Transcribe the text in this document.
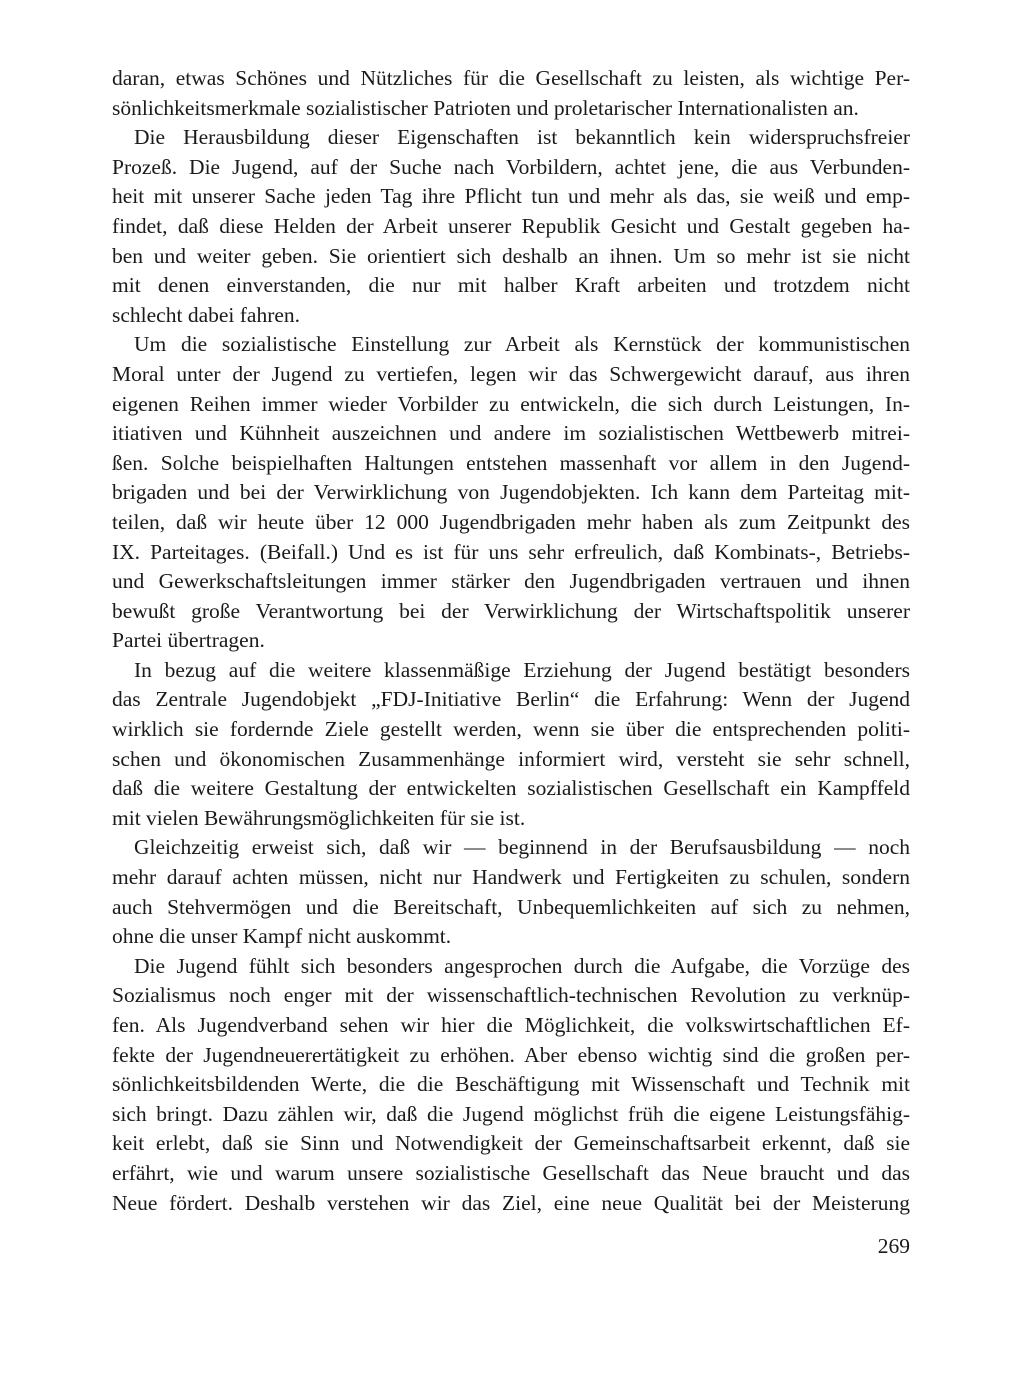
daran, etwas Schönes und Nützliches für die Gesellschaft zu leisten, als wichtige Per-
sönlichkeitsmerkmale sozialistischer Patrioten und proletarischer Internationalisten an.

Die Herausbildung dieser Eigenschaften ist bekanntlich kein widerspruchsfreier
Prozeß. Die Jugend, auf der Suche nach Vorbildern, achtet jene, die aus Verbunden-
heit mit unserer Sache jeden Tag ihre Pflicht tun und mehr als das, sie weiß und emp-
findet, daß diese Helden der Arbeit unserer Republik Gesicht und Gestalt gegeben ha-
ben und weiter geben. Sie orientiert sich deshalb an ihnen. Um so mehr ist sie nicht
mit denen einverstanden, die nur mit halber Kraft arbeiten und trotzdem nicht
schlecht dabei fahren.

Um die sozialistische Einstellung zur Arbeit als Kernstück der kommunistischen
Moral unter der Jugend zu vertiefen, legen wir das Schwergewicht darauf, aus ihren
eigenen Reihen immer wieder Vorbilder zu entwickeln, die sich durch Leistungen, In-
itiativen und Kühnheit auszeichnen und andere im sozialistischen Wettbewerb mitrei-
ßen. Solche beispielhaften Haltungen entstehen massenhaft vor allem in den Jugend-
brigaden und bei der Verwirklichung von Jugendobjekten. Ich kann dem Parteitag mit-
teilen, daß wir heute über 12 000 Jugendbrigaden mehr haben als zum Zeitpunkt des
IX. Parteitages. (Beifall.) Und es ist für uns sehr erfreulich, daß Kombinats-, Betriebs-
und Gewerkschaftsleitungen immer stärker den Jugendbrigaden vertrauen und ihnen
bewußt große Verantwortung bei der Verwirklichung der Wirtschaftspolitik unserer
Partei übertragen.

In bezug auf die weitere klassenmäßige Erziehung der Jugend bestätigt besonders
das Zentrale Jugendobjekt „FDJ-Initiative Berlin“ die Erfahrung: Wenn der Jugend
wirklich sie fordernde Ziele gestellt werden, wenn sie über die entsprechenden politi-
schen und ökonomischen Zusammenhänge informiert wird, versteht sie sehr schnell,
daß die weitere Gestaltung der entwickelten sozialistischen Gesellschaft ein Kampffeld
mit vielen Bewährungsmöglichkeiten für sie ist.

Gleichzeitig erweist sich, daß wir — beginnend in der Berufsausbildung — noch
mehr darauf achten müssen, nicht nur Handwerk und Fertigkeiten zu schulen, sondern
auch Stehvermögen und die Bereitschaft, Unbequemlichkeiten auf sich zu nehmen,
ohne die unser Kampf nicht auskommt.

Die Jugend fühlt sich besonders angesprochen durch die Aufgabe, die Vorzüge des
Sozialismus noch enger mit der wissenschaftlich-technischen Revolution zu verknüp-
fen. Als Jugendverband sehen wir hier die Möglichkeit, die volkswirtschaftlichen Ef-
fekte der Jugendneuerertätigkeit zu erhöhen. Aber ebenso wichtig sind die großen per-
sönlichkeitsbildenden Werte, die die Beschäftigung mit Wissenschaft und Technik mit
sich bringt. Dazu zählen wir, daß die Jugend möglichst früh die eigene Leistungsfähig-
keit erlebt, daß sie Sinn und Notwendigkeit der Gemeinschaftsarbeit erkennt, daß sie
erfährt, wie und warum unsere sozialistische Gesellschaft das Neue braucht und das
Neue fördert. Deshalb verstehen wir das Ziel, eine neue Qualität bei der Meisterung

269
